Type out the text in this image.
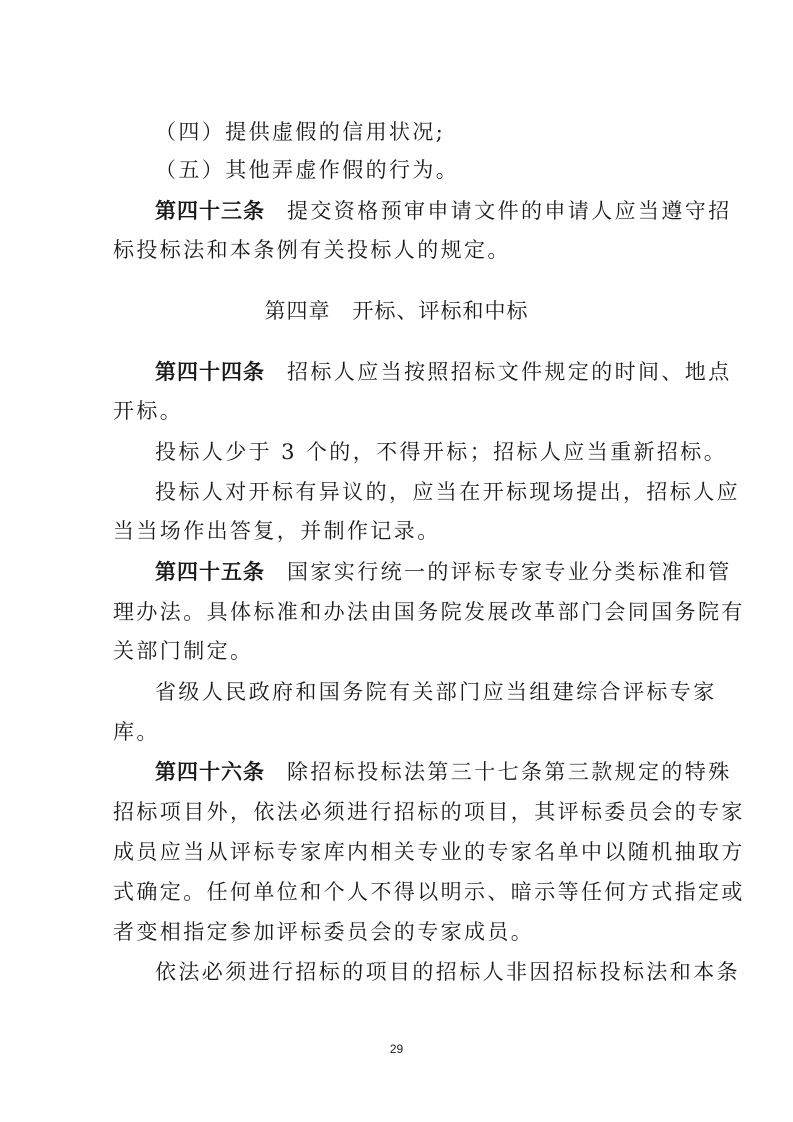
（四）提供虚假的信用状况;
（五）其他弄虚作假的行为。
第四十三条 提交资格预审申请文件的申请人应当遵守招
标投标法和本条例有关投标人的规定。
第四章 开标、评标和中标
第四十四条 招标人应当按照招标文件规定的时间、地点
开标。
投标人少于 3 个的，不得开标；招标人应当重新招标。
投标人对开标有异议的，应当在开标现场提出，招标人应
当当场作出答复，并制作记录。
第四十五条 国家实行统一的评标专家专业分类标准和管
理办法。具体标准和办法由国务院发展改革部门会同国务院有
关部门制定。
省级人民政府和国务院有关部门应当组建综合评标专家
库。
第四十六条 除招标投标法第三十七条第三款规定的特殊
招标项目外，依法必须进行招标的项目，其评标委员会的专家
成员应当从评标专家库内相关专业的专家名单中以随机抽取方
式确定。任何单位和个人不得以明示、暗示等任何方式指定或
者变相指定参加评标委员会的专家成员。
依法必须进行招标的项目的招标人非因招标投标法和本条
29
